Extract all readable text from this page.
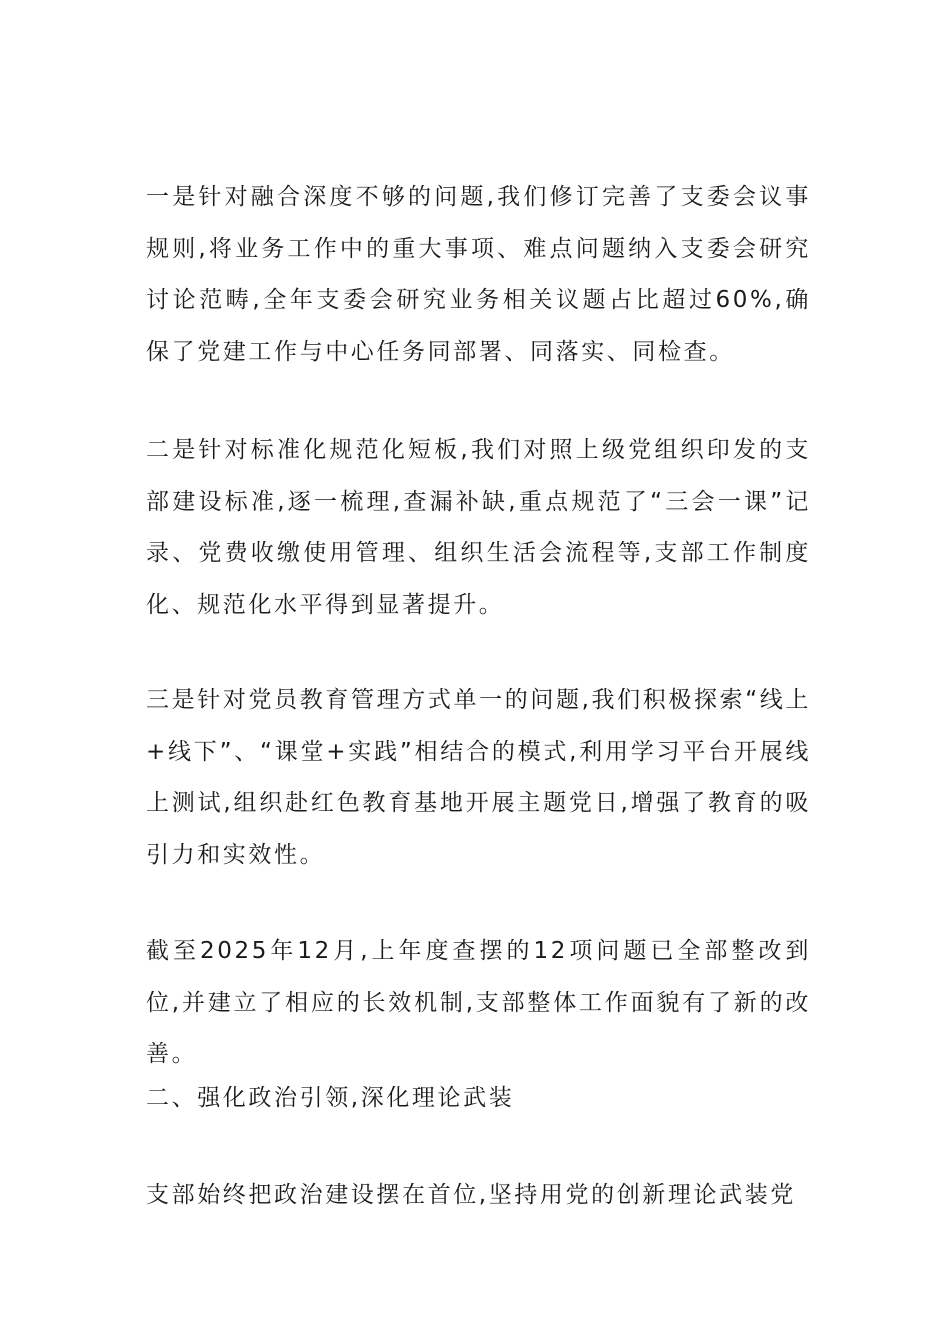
一是针对融合深度不够的问题,我们修订完善了支委会议事规则,将业务工作中的重大事项、难点问题纳入支委会研究讨论范畴,全年支委会研究业务相关议题占比超过60%,确保了党建工作与中心任务同部署、同落实、同检查。

二是针对标准化规范化短板,我们对照上级党组织印发的支部建设标准,逐一梳理,查漏补缺,重点规范了“三会一课”记录、党费收缴使用管理、组织生活会流程等,支部工作制度化、规范化水平得到显著提升。

三是针对党员教育管理方式单一的问题,我们积极探索“线上+线下”、“课堂+实践”相结合的模式,利用学习平台开展线上测试,组织赴红色教育基地开展主题党日,增强了教育的吸引力和实效性。

截至2025年12月,上年度查摆的12项问题已全部整改到位,并建立了相应的长效机制,支部整体工作面貌有了新的改善。

二、强化政治引领,深化理论武装

支部始终把政治建设摆在首位,坚持用党的创新理论武装党
